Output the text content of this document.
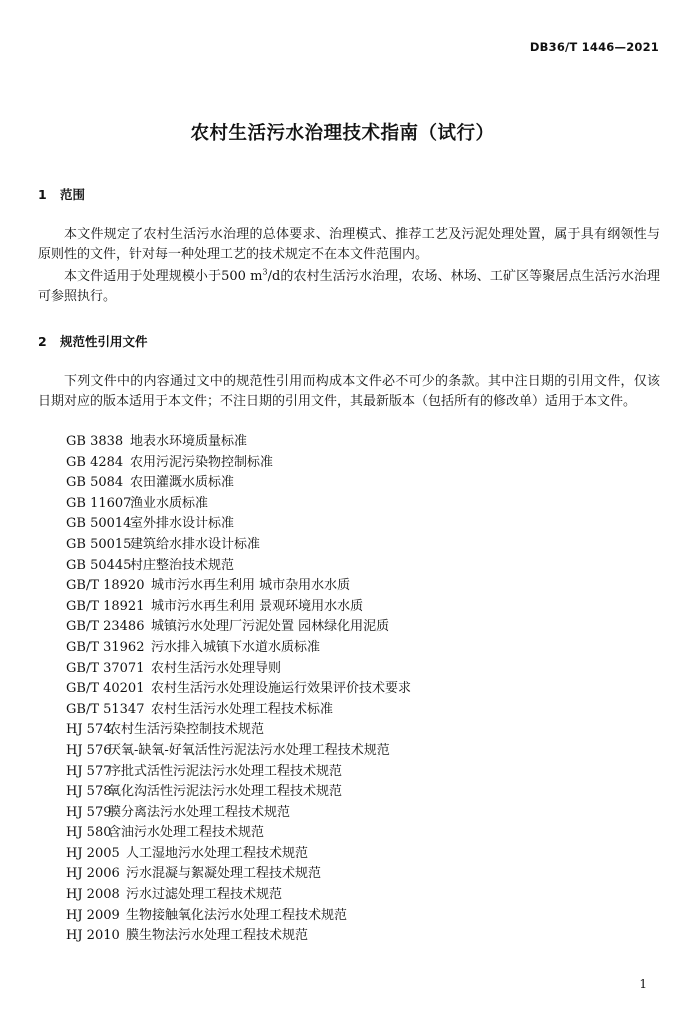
DB36/T 1446—2021
农村生活污水治理技术指南（试行）
1 范围
本文件规定了农村生活污水治理的总体要求、治理模式、推荐工艺及污泥处理处置，属于具有纲领性与原则性的文件，针对每一种处理工艺的技术规定不在本文件范围内。
本文件适用于处理规模小于500 $m^3/d$的农村生活污水治理，农场、林场、工矿区等聚居点生活污水治理可参照执行。
2 规范性引用文件
下列文件中的内容通过文中的规范性引用而构成本文件必不可少的条款。其中注日期的引用文件，仅该日期对应的版本适用于本文件；不注日期的引用文件，其最新版本（包括所有的修改单）适用于本文件。
GB 3838 地表水环境质量标准
GB 4284 农用污泥污染物控制标准
GB 5084 农田灌溉水质标准
GB 11607渔业水质标准
GB 50014室外排水设计标准
GB 50015建筑给水排水设计标准
GB 50445村庄整治技术规范
GB/T 18920 城市污水再生利用 城市杂用水水质
GB/T 18921 城市污水再生利用 景观环境用水水质
GB/T 23486 城镇污水处理厂污泥处置 园林绿化用泥质
GB/T 31962 污水排入城镇下水道水质标准
GB/T 37071 农村生活污水处理导则
GB/T 40201 农村生活污水处理设施运行效果评价技术要求
GB/T 51347 农村生活污水处理工程技术标准
HJ 574农村生活污染控制技术规范
HJ 576厌氧-缺氧-好氧活性污泥法污水处理工程技术规范
HJ 577序批式活性污泥法污水处理工程技术规范
HJ 578氧化沟活性污泥法污水处理工程技术规范
HJ 579膜分离法污水处理工程技术规范
HJ 580含油污水处理工程技术规范
HJ 2005 人工湿地污水处理工程技术规范
HJ 2006 污水混凝与絮凝处理工程技术规范
HJ 2008 污水过滤处理工程技术规范
HJ 2009 生物接触氧化法污水处理工程技术规范
HJ 2010 膜生物法污水处理工程技术规范
1
